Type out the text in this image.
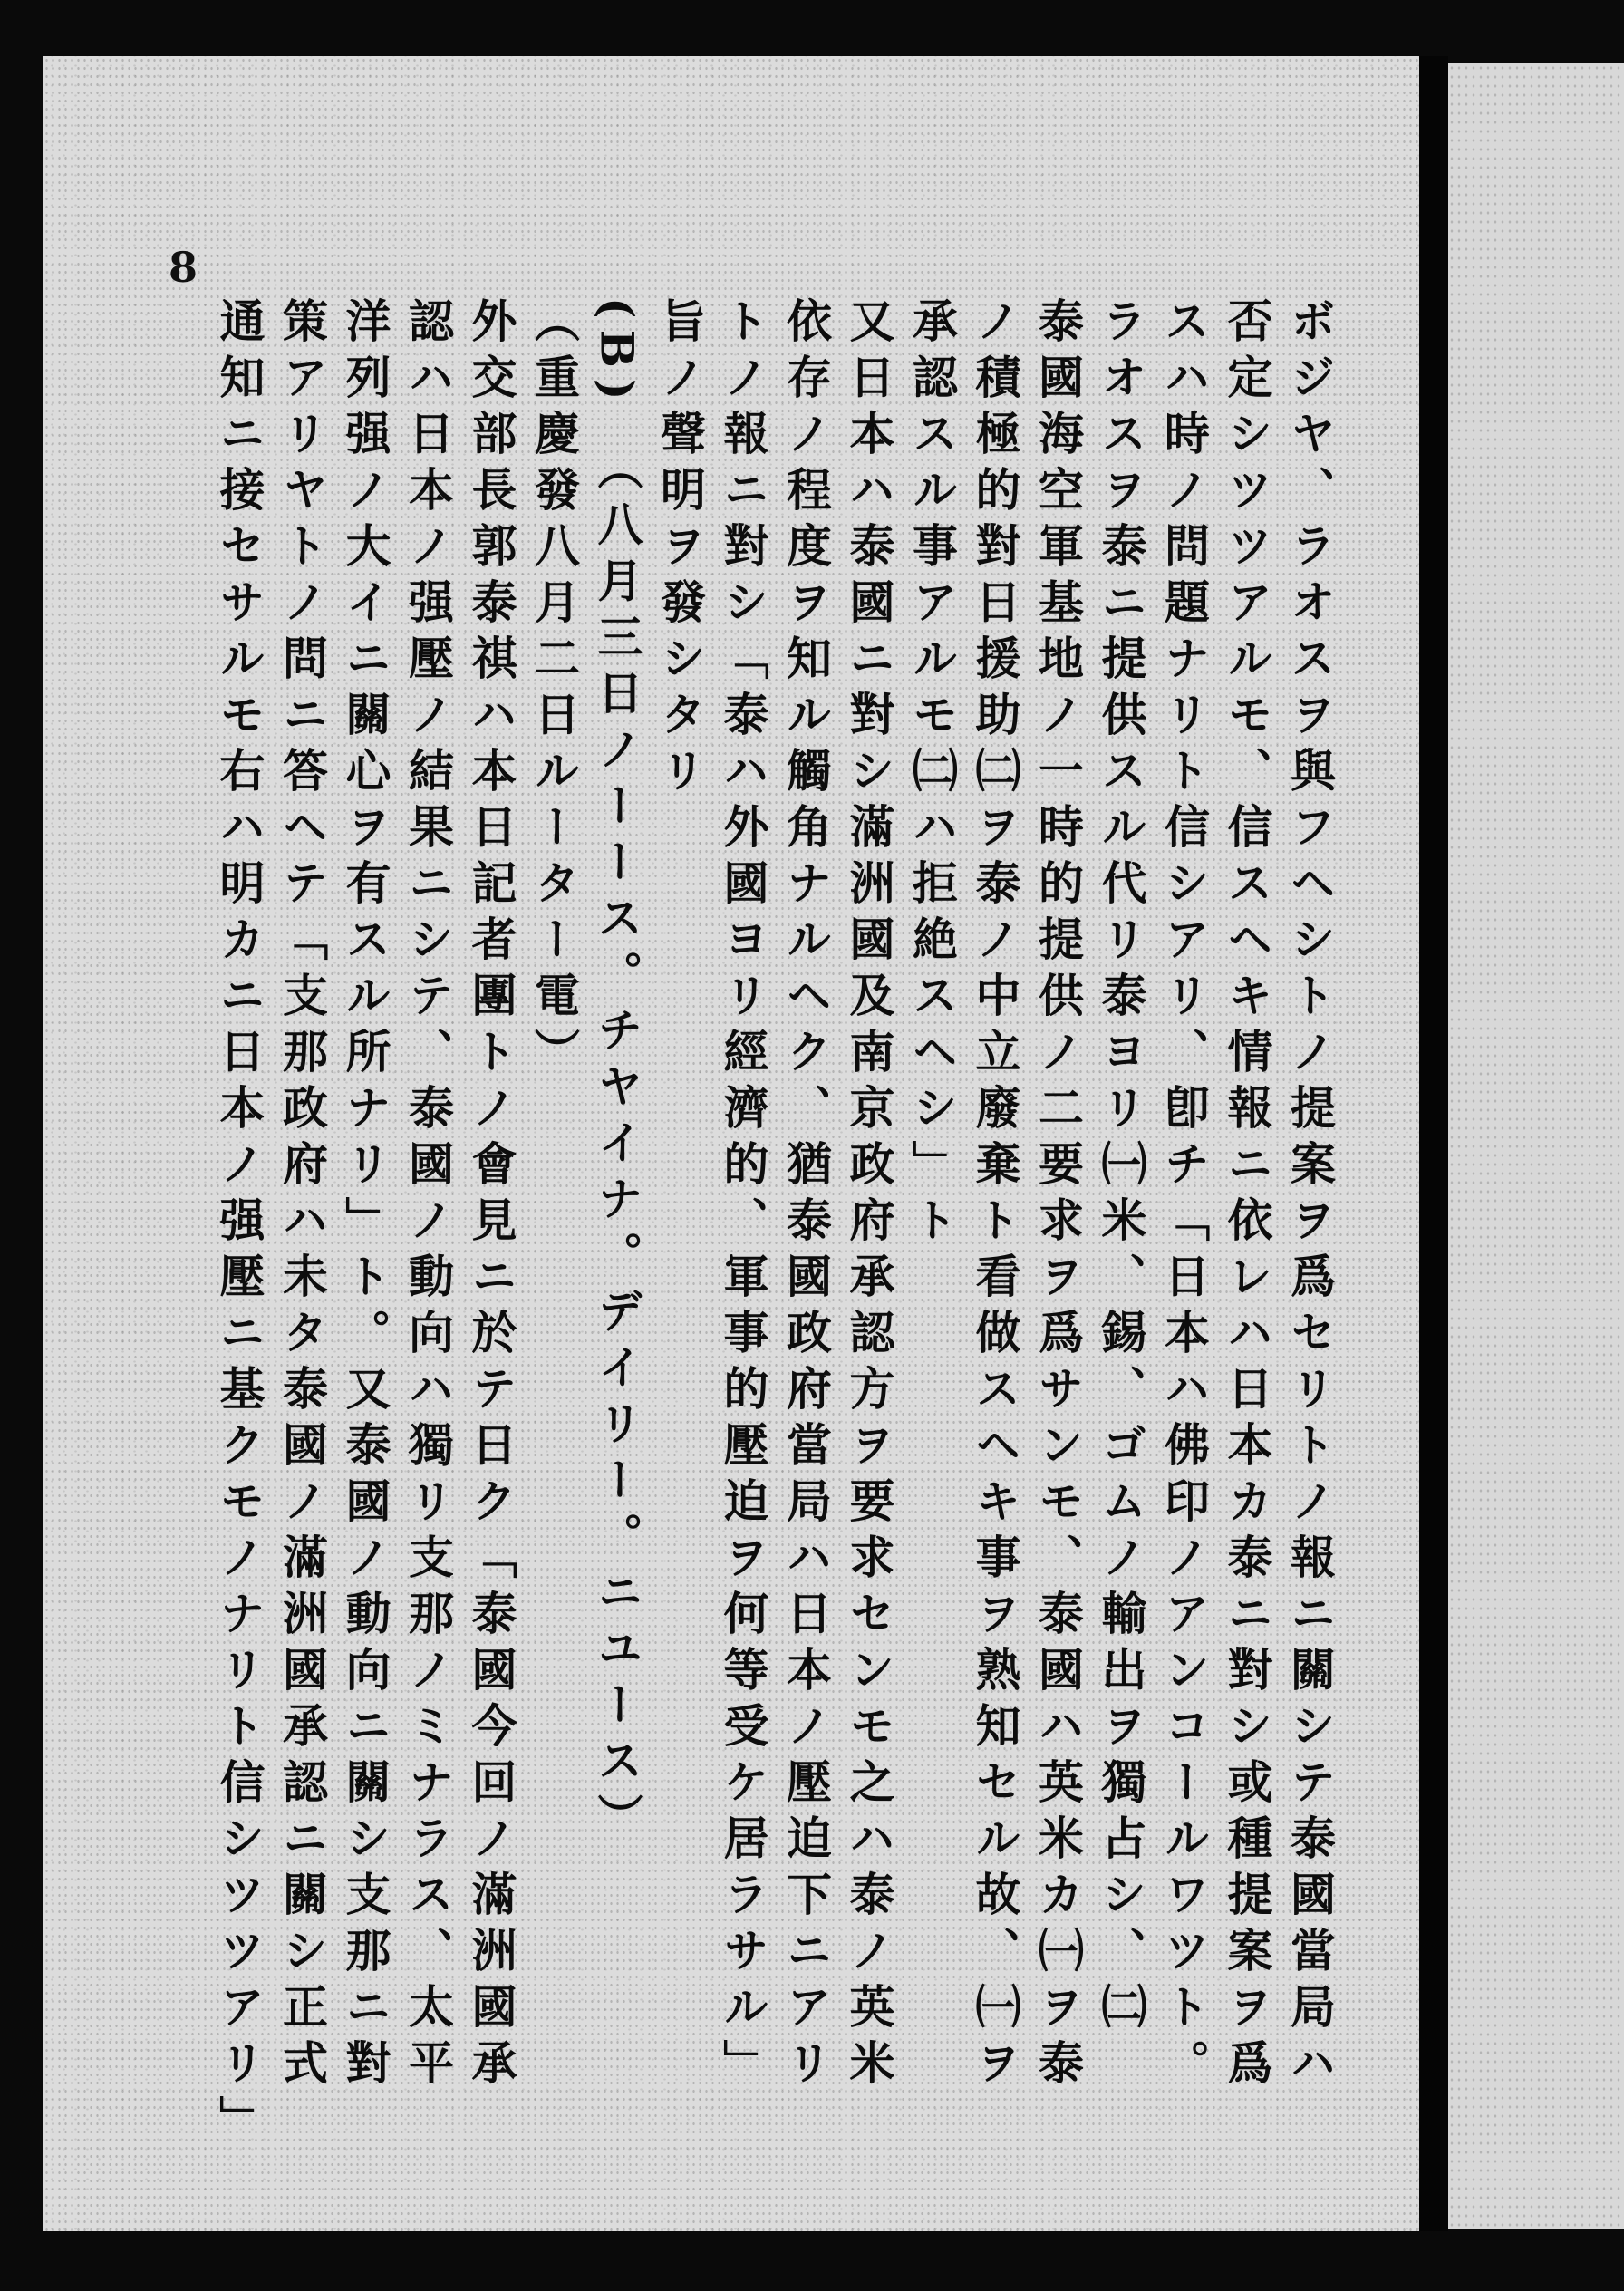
8
ボジヤ、ラオスヲ與フヘシトノ提案ヲ爲セリトノ報ニ關シテ泰國當局ハ
否定シツツアルモ、信スヘキ情報ニ依レハ日本カ泰ニ對シ或種提案ヲ爲
スハ時ノ問題ナリト信シアリ、卽チ「日本ハ佛印ノアンコールワツト。
ラオスヲ泰ニ提供スル代リ泰ヨリ㈠米、錫、ゴムノ輸出ヲ獨占シ、㈡
泰國海空軍基地ノ一時的提供ノ二要求ヲ爲サンモ、泰國ハ英米カ㈠ヲ泰
ノ積極的對日援助㈡ヲ泰ノ中立廢棄ト看做スヘキ事ヲ熟知セル故、㈠ヲ
承認スル事アルモ㈡ハ拒絶スヘシ」ト
又日本ハ泰國ニ對シ滿洲國及南京政府承認方ヲ要求センモ之ハ泰ノ英米
依存ノ程度ヲ知ル觸角ナルヘク、猶泰國政府當局ハ日本ノ壓迫下ニアリ
トノ報ニ對シ「泰ハ外國ヨリ經濟的、軍事的壓迫ヲ何等受ケ居ラサル」
旨ノ聲明ヲ發シタリ
(B)　（八月三日ノーース。チヤイナ。デイリー。ニユース）
（重慶發八月二日ルーター電）
外交部長郭泰祺ハ本日記者團トノ會見ニ於テ日ク「泰國今回ノ滿洲國承
認ハ日本ノ强壓ノ結果ニシテ、泰國ノ動向ハ獨リ支那ノミナラス、太平
洋列强ノ大イニ關心ヲ有スル所ナリ」ト。又泰國ノ動向ニ關シ支那ニ對
策アリヤトノ問ニ答ヘテ「支那政府ハ未タ泰國ノ滿洲國承認ニ關シ正式
通知ニ接セサルモ右ハ明カニ日本ノ强壓ニ基クモノナリト信シツツアリ」
